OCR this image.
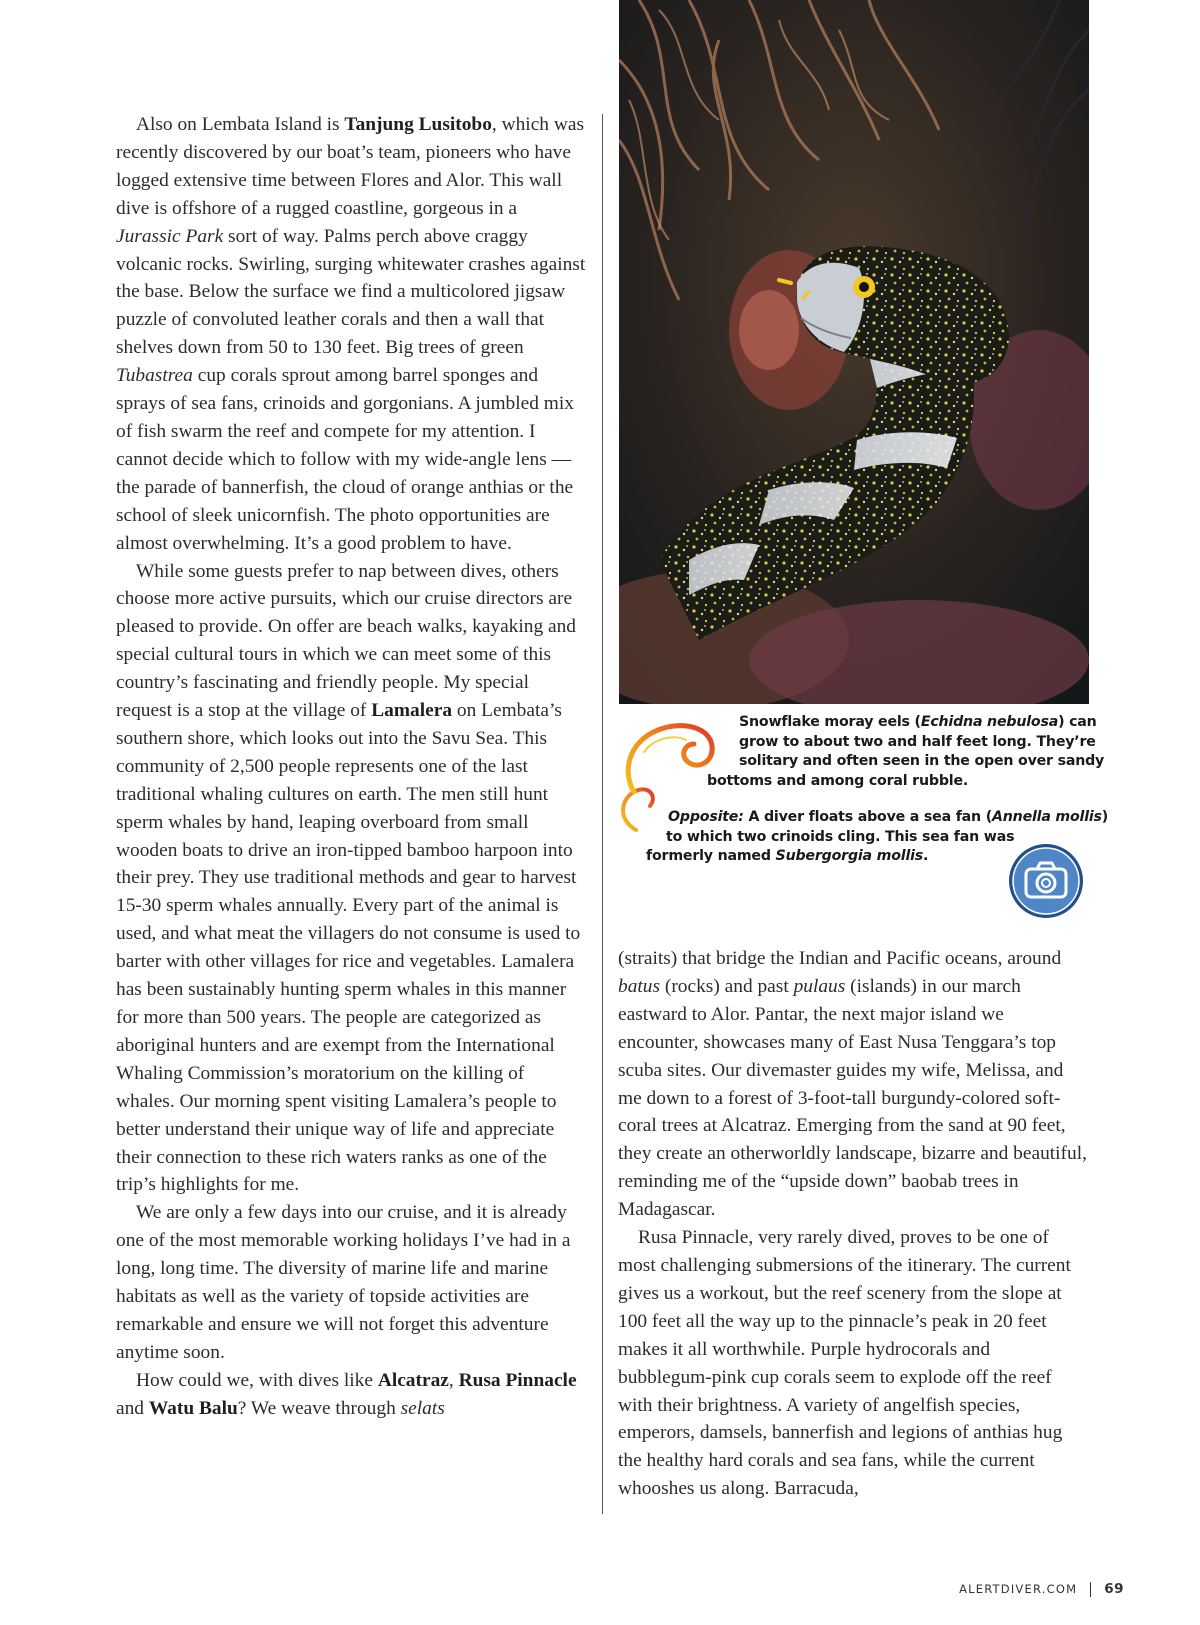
Also on Lembata Island is Tanjung Lusitobo, which was recently discovered by our boat’s team, pioneers who have logged extensive time between Flores and Alor. This wall dive is offshore of a rugged coastline, gorgeous in a Jurassic Park sort of way. Palms perch above craggy volcanic rocks. Swirling, surging whitewater crashes against the base. Below the surface we find a multicolored jigsaw puzzle of convoluted leather corals and then a wall that shelves down from 50 to 130 feet. Big trees of green Tubastrea cup corals sprout among barrel sponges and sprays of sea fans, crinoids and gorgonians. A jumbled mix of fish swarm the reef and compete for my attention. I cannot decide which to follow with my wide-angle lens — the parade of bannerfish, the cloud of orange anthias or the school of sleek unicornfish. The photo opportunities are almost overwhelming. It’s a good problem to have.

While some guests prefer to nap between dives, others choose more active pursuits, which our cruise directors are pleased to provide. On offer are beach walks, kayaking and special cultural tours in which we can meet some of this country’s fascinating and friendly people. My special request is a stop at the village of Lamalera on Lembata’s southern shore, which looks out into the Savu Sea. This community of 2,500 people represents one of the last traditional whaling cultures on earth. The men still hunt sperm whales by hand, leaping overboard from small wooden boats to drive an iron-tipped bamboo harpoon into their prey. They use traditional methods and gear to harvest 15-30 sperm whales annually. Every part of the animal is used, and what meat the villagers do not consume is used to barter with other villages for rice and vegetables. Lamalera has been sustainably hunting sperm whales in this manner for more than 500 years. The people are categorized as aboriginal hunters and are exempt from the International Whaling Commission’s moratorium on the killing of whales. Our morning spent visiting Lamalera’s people to better understand their unique way of life and appreciate their connection to these rich waters ranks as one of the trip’s highlights for me.

We are only a few days into our cruise, and it is already one of the most memorable working holidays I’ve had in a long, long time. The diversity of marine life and marine habitats as well as the variety of topside activities are remarkable and ensure we will not forget this adventure anytime soon.

How could we, with dives like Alcatraz, Rusa Pinnacle and Watu Balu? We weave through selats

Snowflake moray eels (Echidna nebulosa) can
grow to about two and half feet long. They’re
solitary and often seen in the open over sandy
bottoms and among coral rubble.
Opposite: A diver floats above a sea fan (Annella mollis)
to which two crinoids cling. This sea fan was
formerly named Subergorgia mollis.

(straits) that bridge the Indian and Pacific oceans, around batus (rocks) and past pulaus (islands) in our march eastward to Alor. Pantar, the next major island we encounter, showcases many of East Nusa Tenggara’s top scuba sites. Our divemaster guides my wife, Melissa, and me down to a forest of 3-foot-tall burgundy-colored soft-coral trees at Alcatraz. Emerging from the sand at 90 feet, they create an otherworldly landscape, bizarre and beautiful, reminding me of the “upside down” baobab trees in Madagascar.

Rusa Pinnacle, very rarely dived, proves to be one of most challenging submersions of the itinerary. The current gives us a workout, but the reef scenery from the slope at 100 feet all the way up to the pinnacle’s peak in 20 feet makes it all worthwhile. Purple hydrocorals and bubblegum-pink cup corals seem to explode off the reef with their brightness. A variety of angelfish species, emperors, damsels, bannerfish and legions of anthias hug the healthy hard corals and sea fans, while the current whooshes us along. Barracuda,

ALERTDIVER.COM 69
